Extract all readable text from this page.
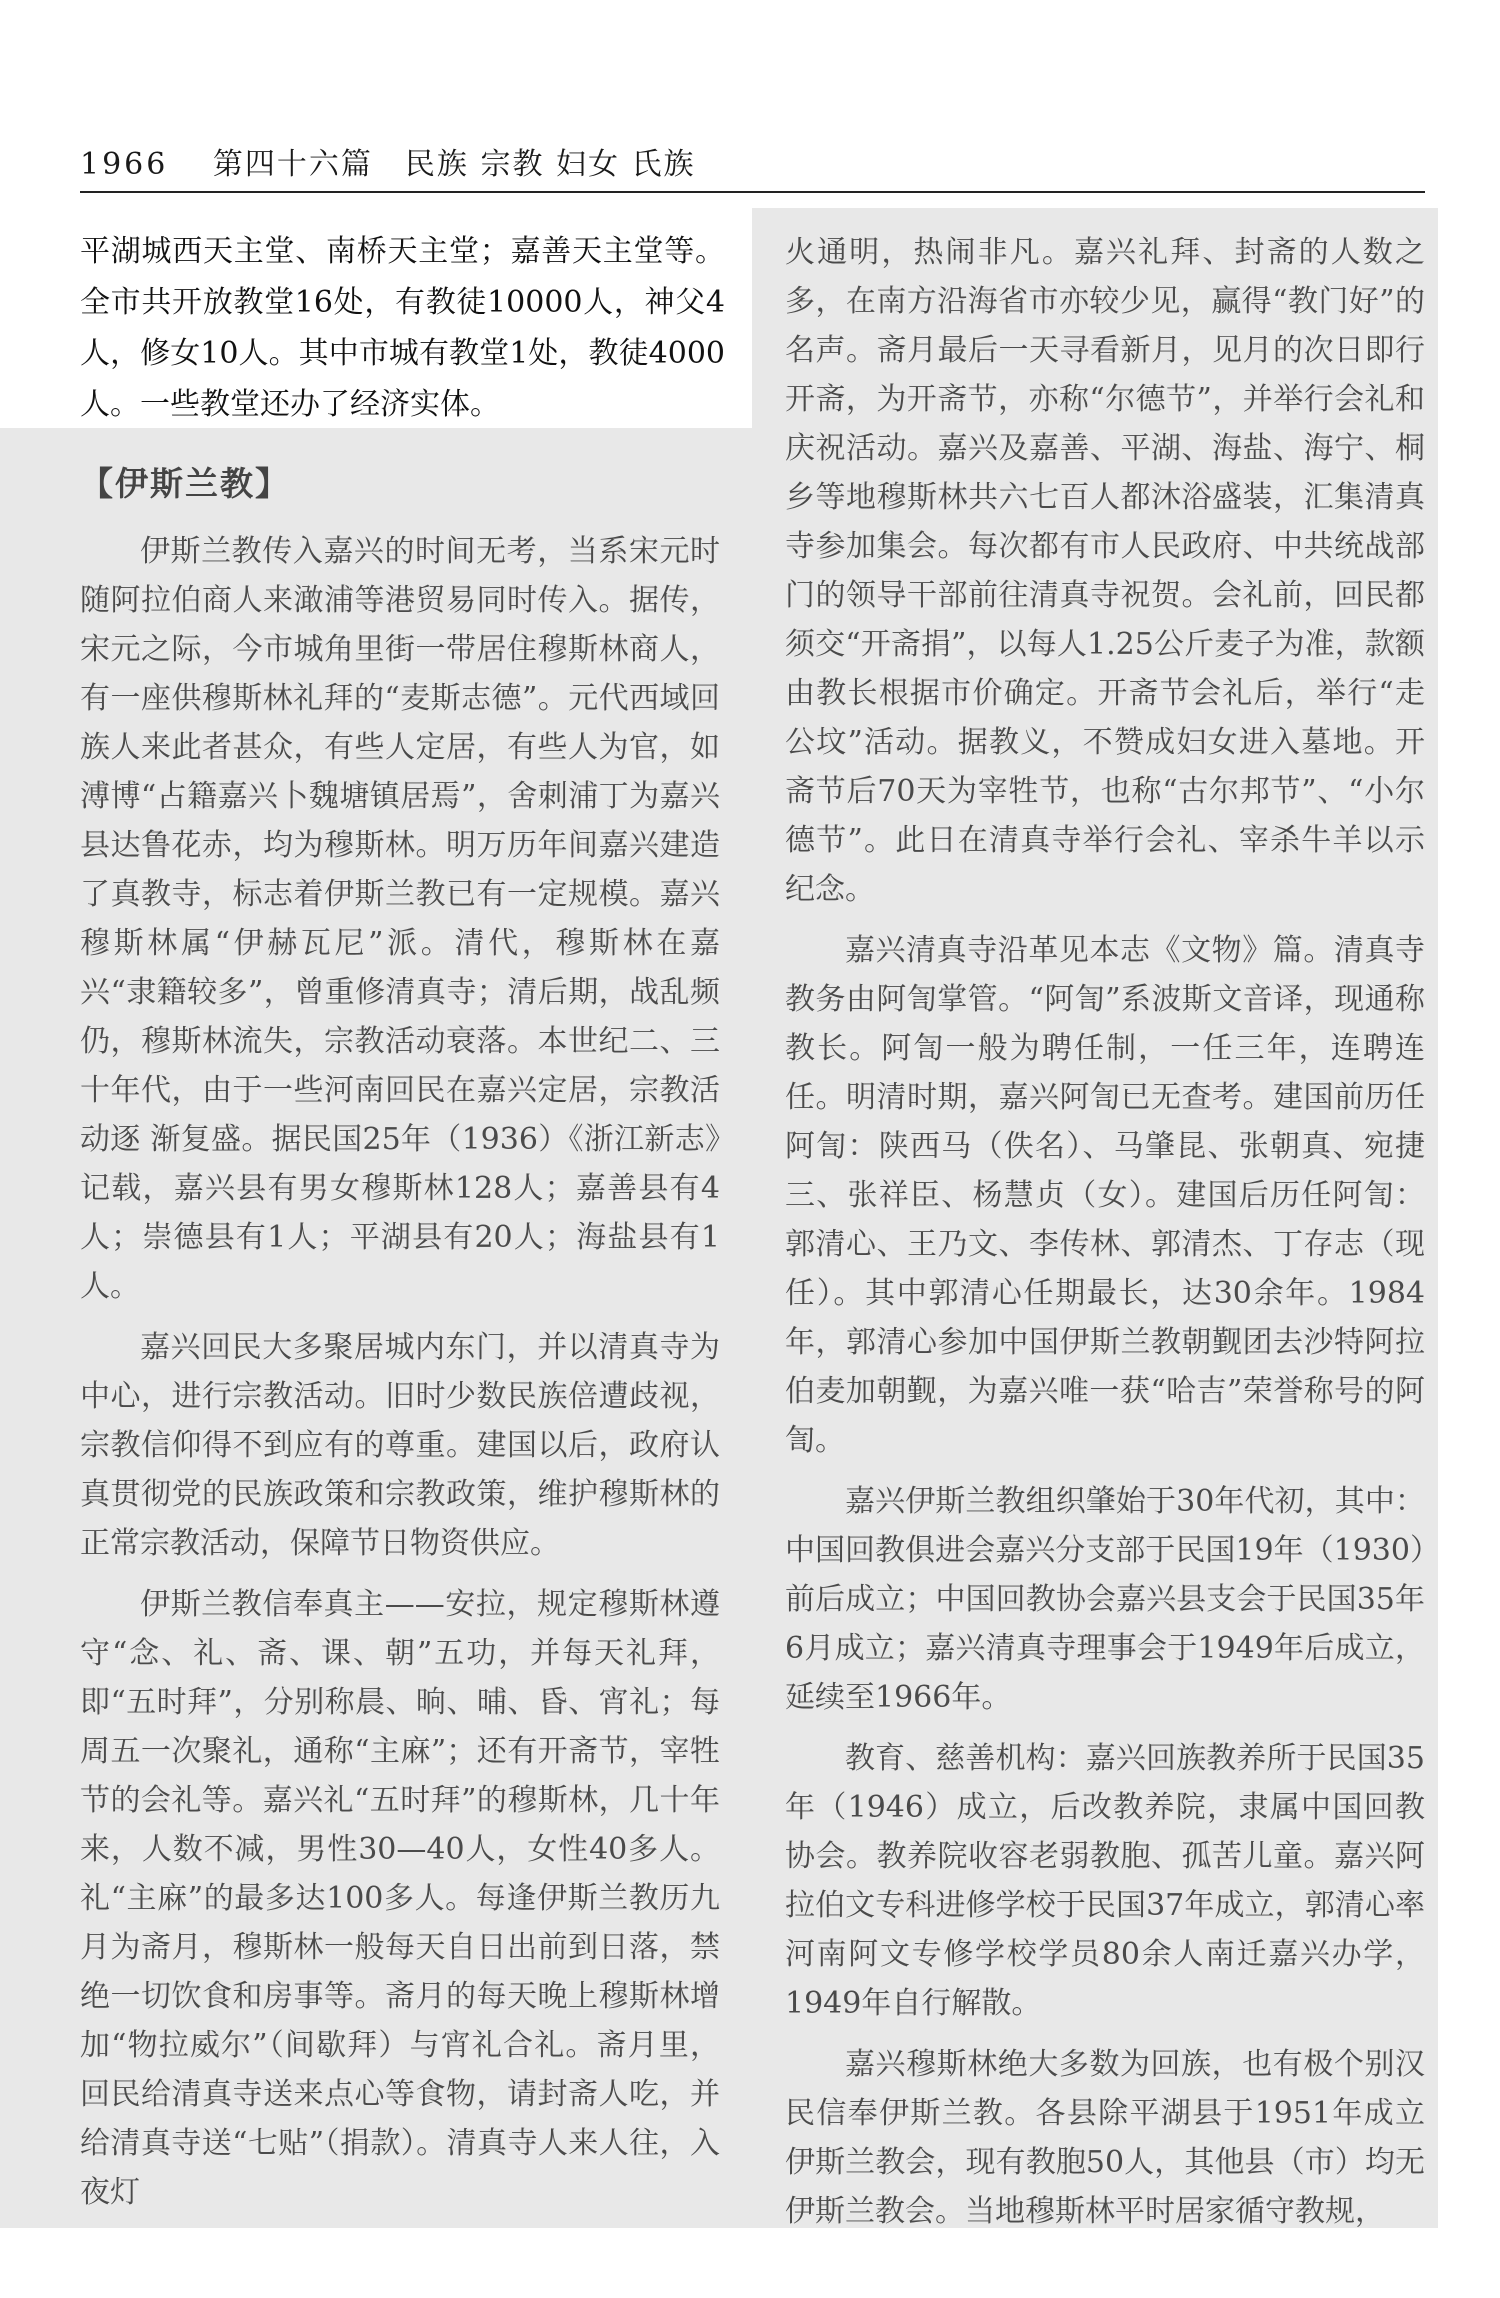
1966 第四十六篇　民族 宗教 妇女 氏族

平湖城西天主堂、南桥天主堂；嘉善天主堂等。全市共开放教堂16处，有教徒10000人，神父4人，修女10人。其中市城有教堂1处，教徒4000人。一些教堂还办了经济实体。

【伊斯兰教】

伊斯兰教传入嘉兴的时间无考，当系宋元时随阿拉伯商人来澉浦等港贸易同时传入。据传，宋元之际，今市城角里街一带居住穆斯林商人，有一座供穆斯林礼拜的“麦斯志德”。元代西域回族人来此者甚众，有些人定居，有些人为官，如溥博“占籍嘉兴卜魏塘镇居焉”，舍刺浦丁为嘉兴县达鲁花赤，均为穆斯林。明万历年间嘉兴建造了真教寺，标志着伊斯兰教已有一定规模。嘉兴穆斯林属“伊赫瓦尼”派。清代，穆斯林在嘉兴“隶籍较多”，曾重修清真寺；清后期，战乱频仍，穆斯林流失，宗教活动衰落。本世纪二、三十年代，由于一些河南回民在嘉兴定居，宗教活动逐 渐复盛。据民国25年（1936）《浙江新志》记载，嘉兴县有男女穆斯林128人；嘉善县有4人；崇德县有1人；平湖县有20人；海盐县有1人。

嘉兴回民大多聚居城内东门，并以清真寺为中心，进行宗教活动。旧时少数民族倍遭歧视，宗教信仰得不到应有的尊重。建国以后，政府认真贯彻党的民族政策和宗教政策，维护穆斯林的正常宗教活动，保障节日物资供应。

伊斯兰教信奉真主——安拉，规定穆斯林遵守“念、礼、斋、课、朝”五功，并每天礼拜，即“五时拜”，分别称晨、晌、晡、昏、宵礼；每周五一次聚礼，通称“主麻”；还有开斋节，宰牲节的会礼等。嘉兴礼“五时拜”的穆斯林，几十年来，人数不减，男性30—40人，女性40多人。礼“主麻”的最多达100多人。每逢伊斯兰教历九月为斋月，穆斯林一般每天自日出前到日落，禁绝一切饮食和房事等。斋月的每天晚上穆斯林增加“物拉威尔”（间歇拜）与宵礼合礼。斋月里，回民给清真寺送来点心等食物，请封斋人吃，并给清真寺送“七贴”（捐款）。清真寺人来人往，入夜灯

火通明，热闹非凡。嘉兴礼拜、封斋的人数之多，在南方沿海省市亦较少见，赢得“教门好”的名声。斋月最后一天寻看新月，见月的次日即行开斋，为开斋节，亦称“尔德节”，并举行会礼和庆祝活动。嘉兴及嘉善、平湖、海盐、海宁、桐乡等地穆斯林共六七百人都沐浴盛装，汇集清真寺参加集会。每次都有市人民政府、中共统战部门的领导干部前往清真寺祝贺。会礼前，回民都须交“开斋捐”，以每人1.25公斤麦子为准，款额由教长根据市价确定。开斋节会礼后，举行“走公坟”活动。据教义，不赞成妇女进入墓地。开斋节后70天为宰牲节，也称“古尔邦节”、“小尔德节”。此日在清真寺举行会礼、宰杀牛羊以示纪念。

嘉兴清真寺沿革见本志《文物》篇。清真寺教务由阿訇掌管。“阿訇”系波斯文音译，现通称教长。阿訇一般为聘任制，一任三年，连聘连任。明清时期，嘉兴阿訇已无查考。建国前历任阿訇：陕西马（佚名）、马肇昆、张朝真、宛捷三、张祥臣、杨慧贞（女）。建国后历任阿訇：郭清心、王乃文、李传林、郭清杰、丁存志（现任）。其中郭清心任期最长，达30余年。1984年，郭清心参加中国伊斯兰教朝觐团去沙特阿拉伯麦加朝觐，为嘉兴唯一获“哈吉”荣誉称号的阿訇。

嘉兴伊斯兰教组织肇始于30年代初，其中：中国回教俱进会嘉兴分支部于民国19年（1930）前后成立；中国回教协会嘉兴县支会于民国35年6月成立；嘉兴清真寺理事会于1949年后成立，延续至1966年。

教育、慈善机构：嘉兴回族教养所于民国35年（1946）成立，后改教养院，隶属中国回教协会。教养院收容老弱教胞、孤苦儿童。嘉兴阿拉伯文专科进修学校于民国37年成立，郭清心率河南阿文专修学校学员80余人南迁嘉兴办学，1949年自行解散。

嘉兴穆斯林绝大多数为回族，也有极个别汉民信奉伊斯兰教。各县除平湖县于1951年成立伊斯兰教会，现有教胞50人，其他县（市）均无伊斯兰教会。当地穆斯林平时居家循守教规，
